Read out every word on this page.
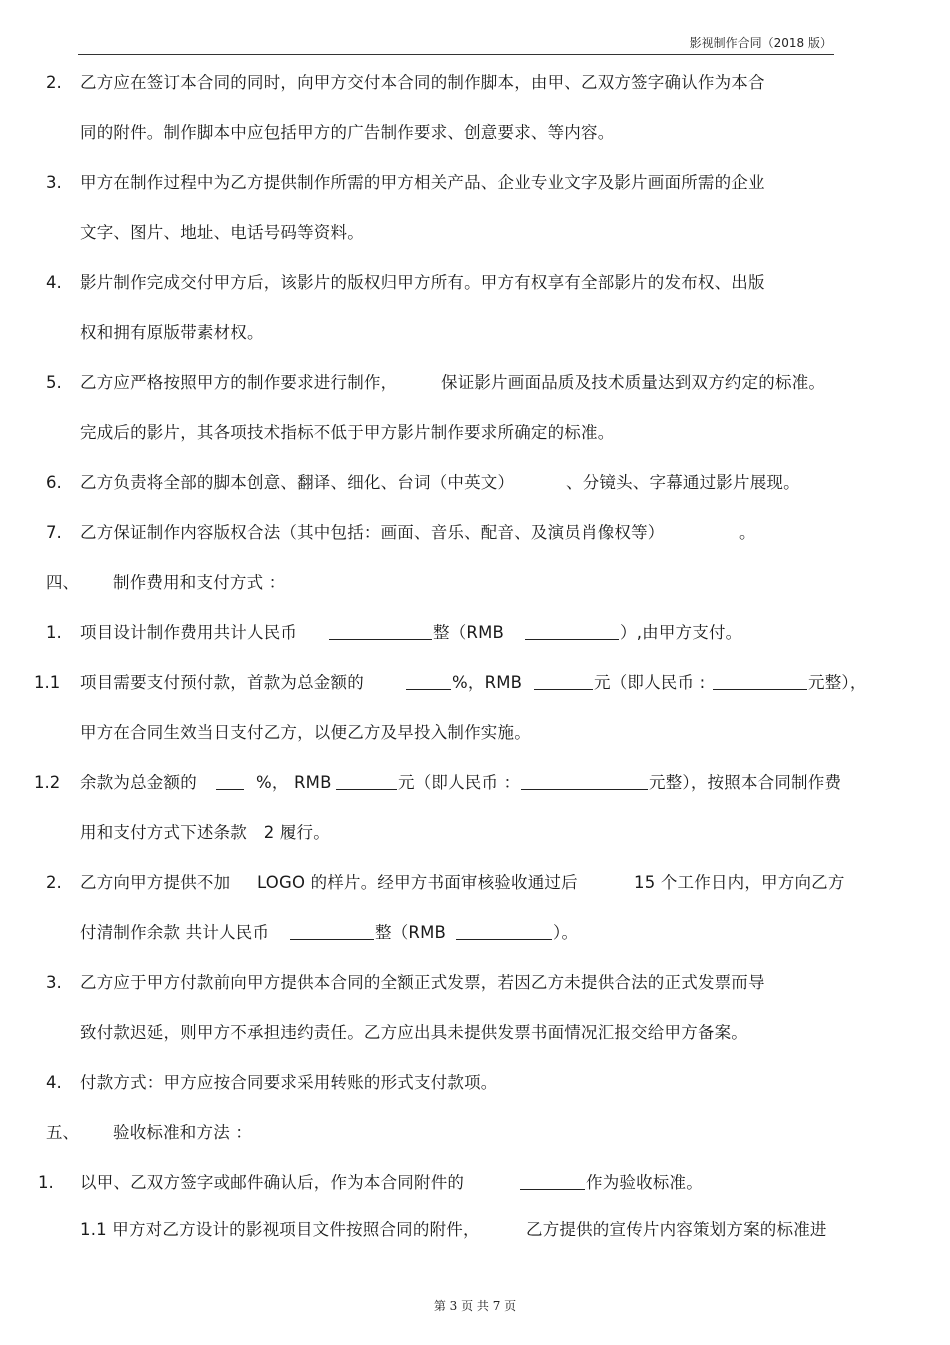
影视制作合同（2018 版）
2. 乙方应在签订本合同的同时，向甲方交付本合同的制作脚本，由甲、乙双方签字确认作为本合
同的附件。制作脚本中应包括甲方的广告制作要求、创意要求、等内容。
3. 甲方在制作过程中为乙方提供制作所需的甲方相关产品、企业专业文字及影片画面所需的企业
文字、图片、地址、电话号码等资料。
4. 影片制作完成交付甲方后，该影片的版权归甲方所有。甲方有权享有全部影片的发布权、出版
权和拥有原版带素材权。
5. 乙方应严格按照甲方的制作要求进行制作，	保证影片画面品质及技术质量达到双方约定的标准。
完成后的影片，其各项技术指标不低于甲方影片制作要求所确定的标准。
6. 乙方负责将全部的脚本创意、翻译、细化、台词（中英文）	、分镜头、字幕通过影片展现。
7. 乙方保证制作内容版权合法（其中包括：画面、音乐、配音、及演员肖像权等）	。
四、 制作费用和支付方式 ：
1. 项目设计制作费用共计人民币	整（RMB	）,由甲方支付。
1.1 项目需要支付预付款，首款为总金额的	%，RMB	元（即人民币 :	元整），
甲方在合同生效当日支付乙方，以便乙方及早投入制作实施。
1.2 余款为总金额的	%， RMB	元（即人民币 ：	元整），按照本合同制作费
用和支付方式下述条款　2 履行。
2. 乙方向甲方提供不加 LOGO 的样片。经甲方书面审核验收通过后	15 个工作日内，甲方向乙方
付清制作余款 共计人民币	整（RMB	）。
3. 乙方应于甲方付款前向甲方提供本合同的全额正式发票，若因乙方未提供合法的正式发票而导
致付款迟延，则甲方不承担违约责任。乙方应出具未提供发票书面情况汇报交给甲方备案。
4. 付款方式：甲方应按合同要求采用转账的形式支付款项。
五、 验收标准和方法 ：
1. 以甲、乙双方签字或邮件确认后，作为本合同附件的	作为验收标准。
1.1 甲方对乙方设计的影视项目文件按照合同的附件，	乙方提供的宣传片内容策划方案的标准进
第 3 页 共 7 页
